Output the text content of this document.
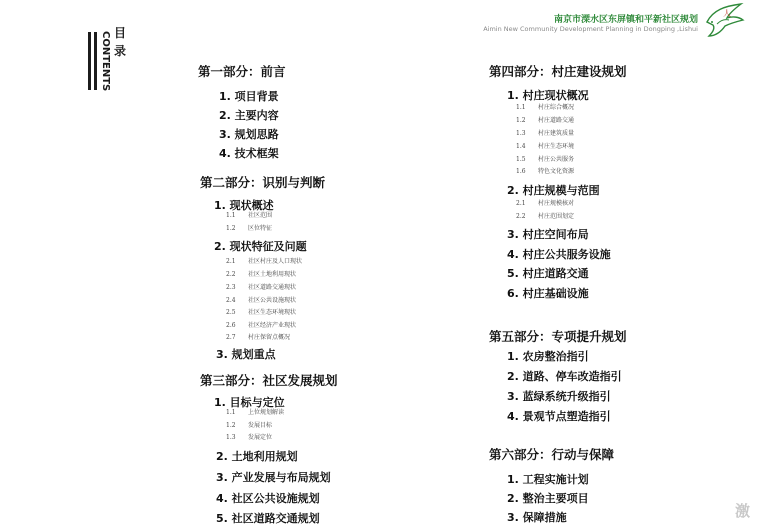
CONTENTS 目录
南京市溧水区东屏镇和平新社区规划
Aimin New Community Development Planning in Dongping ,Lishui
人
第一部分：前言
1. 项目背景
2. 主要内容
3. 规划思路
4. 技术框架
第二部分：识别与判断
1. 现状概述
1.1 社区范围
1.2 区位特征
2. 现状特征及问题
2.1 社区村庄及人口现状
2.2 社区土地利用现状
2.3 社区道路交通现状
2.4 社区公共设施现状
2.5 社区生态环境现状
2.6 社区经济产业现状
2.7 村庄保留点概况
3. 规划重点
第三部分：社区发展规划
1. 目标与定位
1.1 上位规划解读
1.2 发展目标
1.3 发展定位
2. 土地利用规划
3. 产业发展与布局规划
4. 社区公共设施规划
5. 社区道路交通规划
第四部分：村庄建设规划
1. 村庄现状概况
1.1 村庄综合概况
1.2 村庄道路交通
1.3 村庄建筑质量
1.4 村庄生态环境
1.5 村庄公共服务
1.6 特色文化资源
2. 村庄规模与范围
2.1 村庄规模核对
2.2 村庄范围划定
3. 村庄空间布局
4. 村庄公共服务设施
5. 村庄道路交通
6. 村庄基础设施
第五部分：专项提升规划
1. 农房整治指引
2. 道路、停车改造指引
3. 蓝绿系统升级指引
4. 景观节点塑造指引
第六部分：行动与保障
1. 工程实施计划
2. 整治主要项目
3. 保障措施	激
